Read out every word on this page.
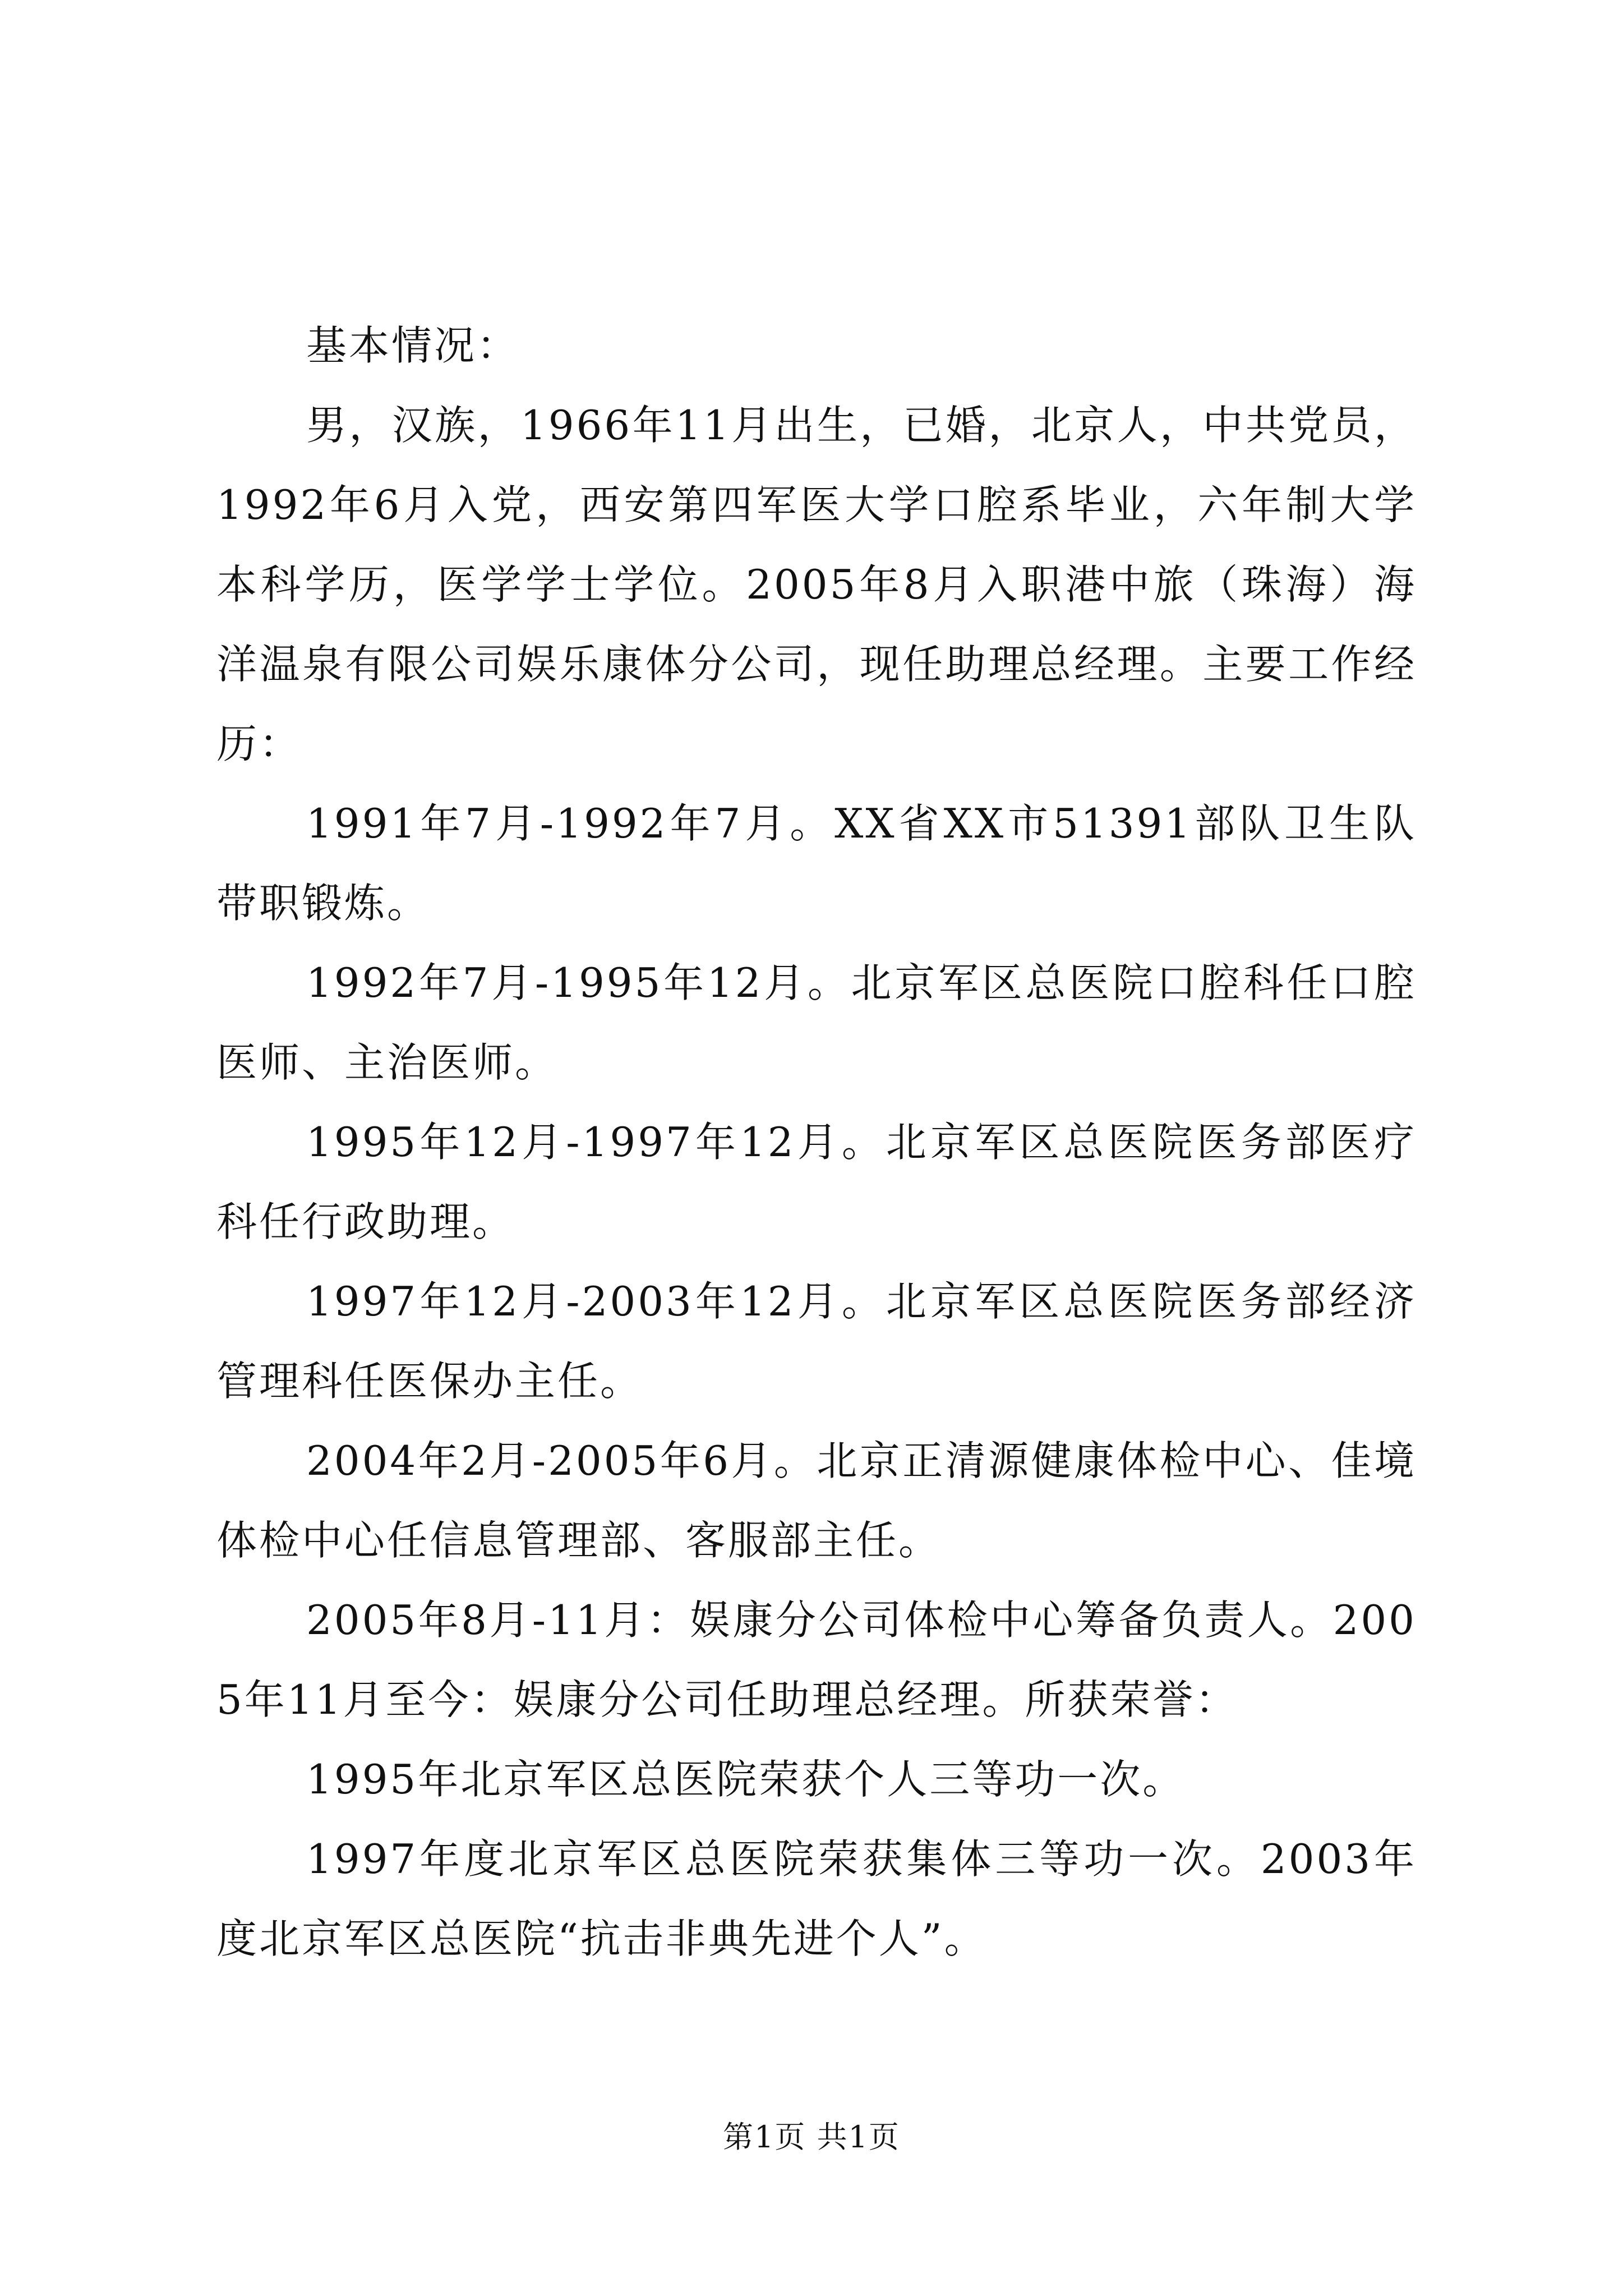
基本情况：

男，汉族，1966年11月出生，已婚，北京人，中共党员，1992年6月入党，西安第四军医大学口腔系毕业，六年制大学本科学历，医学学士学位。2005年8月入职港中旅（珠海）海洋温泉有限公司娱乐康体分公司，现任助理总经理。主要工作经历：

1991年7月-1992年7月。XX省XX市51391部队卫生队带职锻炼。

1992年7月-1995年12月。北京军区总医院口腔科任口腔医师、主治医师。

1995年12月-1997年12月。北京军区总医院医务部医疗科任行政助理。

1997年12月-2003年12月。北京军区总医院医务部经济管理科任医保办主任。

2004年2月-2005年6月。北京正清源健康体检中心、佳境体检中心任信息管理部、客服部主任。

2005年8月-11月：娱康分公司体检中心筹备负责人。2005年11月至今：娱康分公司任助理总经理。所获荣誉：

1995年北京军区总医院荣获个人三等功一次。

1997年度北京军区总医院荣获集体三等功一次。2003年度北京军区总医院“抗击非典先进个人”。

第1页 共1页
